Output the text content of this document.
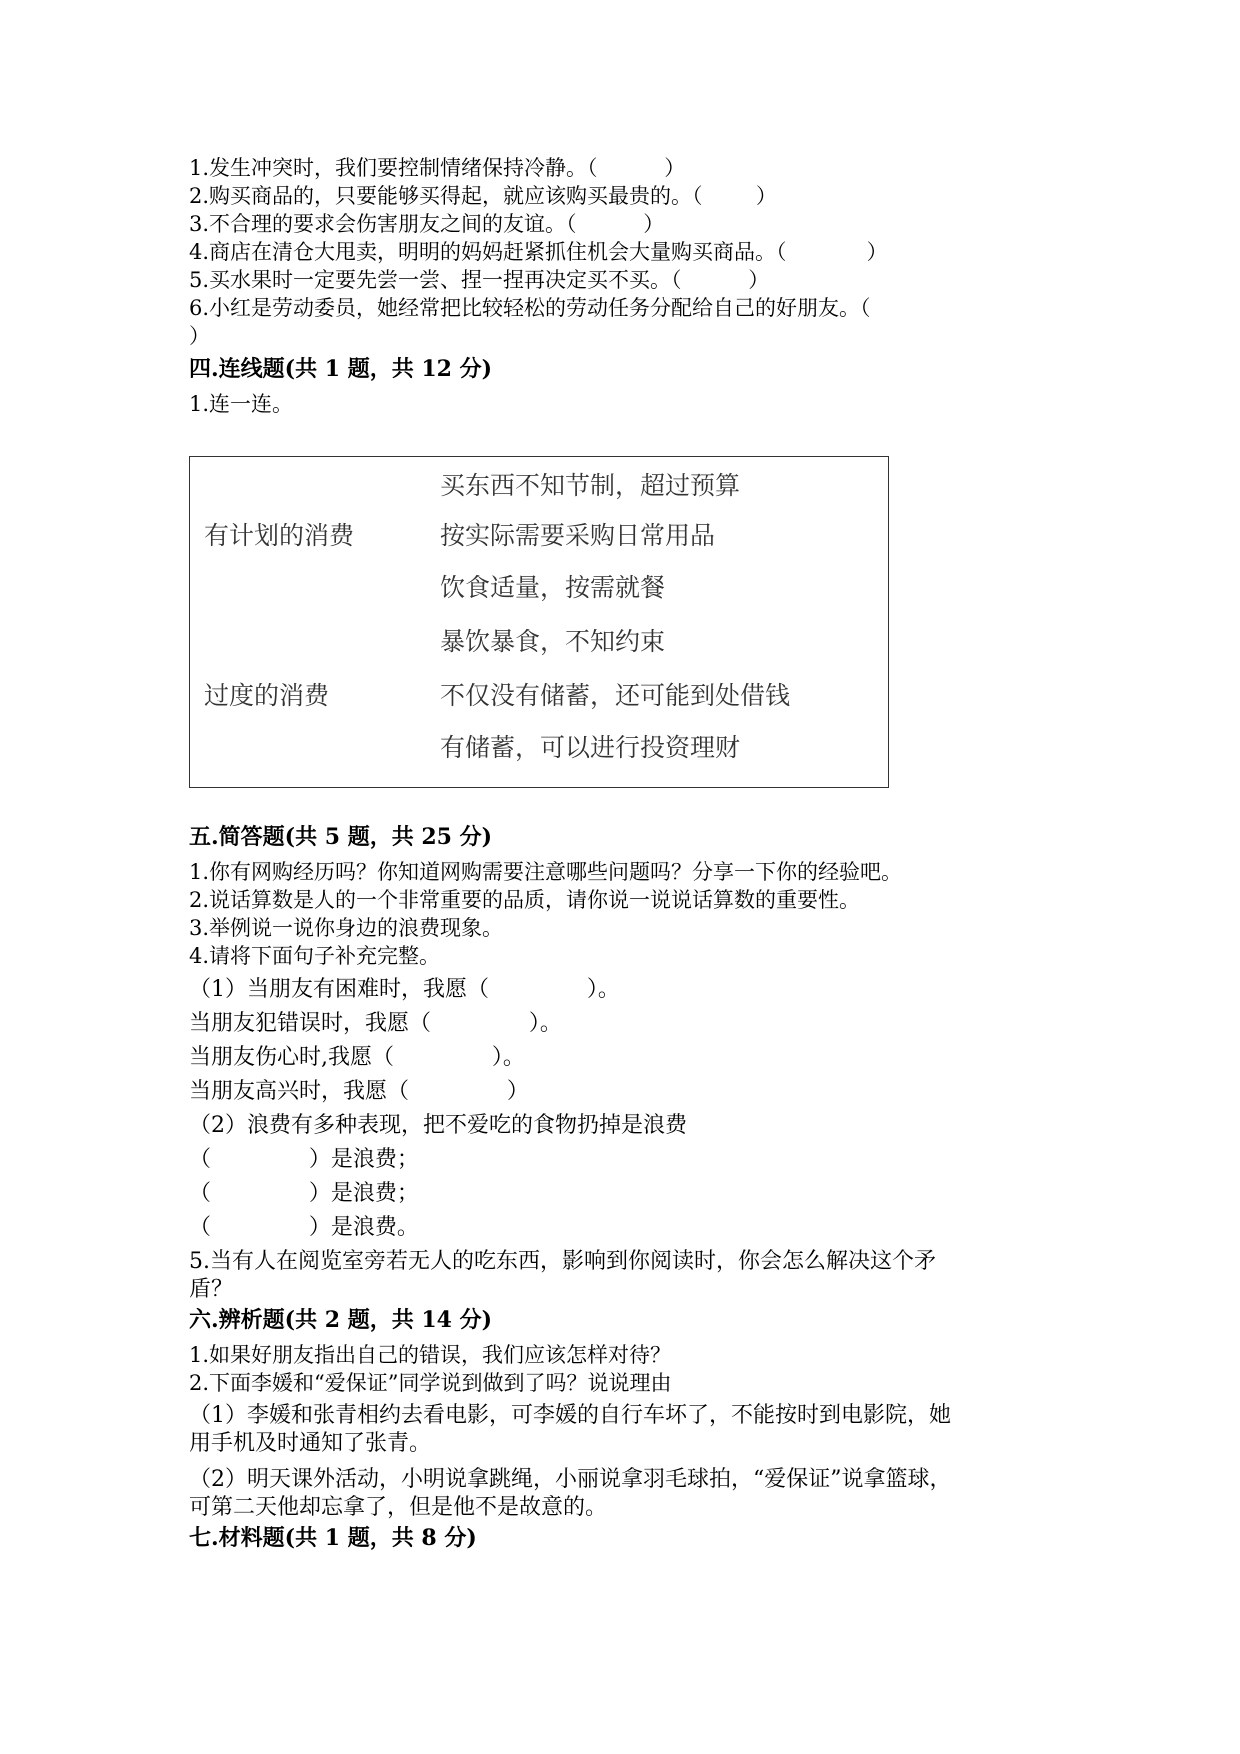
1.发生冲突时，我们要控制情绪保持冷静。（          ）
2.购买商品的，只要能够买得起，就应该购买最贵的。（        ）
3.不合理的要求会伤害朋友之间的友谊。（          ）
4.商店在清仓大甩卖，明明的妈妈赶紧抓住机会大量购买商品。（            ）
5.买水果时一定要先尝一尝、捏一捏再决定买不买。（          ）
6.小红是劳动委员，她经常把比较轻松的劳动任务分配给自己的好朋友。（
）
四.连线题(共 1 题，共 12 分)
1.连一连。
有计划的消费
过度的消费
买东西不知节制，超过预算
按实际需要采购日常用品
饮食适量，按需就餐
暴饮暴食，不知约束
不仅没有储蓄，还可能到处借钱
有储蓄，可以进行投资理财
五.简答题(共 5 题，共 25 分)
1.你有网购经历吗？你知道网购需要注意哪些问题吗？分享一下你的经验吧。
2.说话算数是人的一个非常重要的品质，请你说一说说话算数的重要性。
3.举例说一说你身边的浪费现象。
4.请将下面句子补充完整。
（1）当朋友有困难时，我愿（              ）。
当朋友犯错误时，我愿（              ）。
当朋友伤心时,我愿（              ）。
当朋友高兴时，我愿（              ）
（2）浪费有多种表现，把不爱吃的食物扔掉是浪费
（              ）是浪费；
（              ）是浪费；
（              ）是浪费。
5.当有人在阅览室旁若无人的吃东西，影响到你阅读时，你会怎么解决这个矛
盾？
六.辨析题(共 2 题，共 14 分)
1.如果好朋友指出自己的错误，我们应该怎样对待？
2.下面李媛和“爱保证”同学说到做到了吗？说说理由
（1）李媛和张青相约去看电影，可李媛的自行车坏了，不能按时到电影院，她
用手机及时通知了张青。
（2）明天课外活动，小明说拿跳绳，小丽说拿羽毛球拍，“爱保证”说拿篮球，
可第二天他却忘拿了，但是他不是故意的。
七.材料题(共 1 题，共 8 分)
